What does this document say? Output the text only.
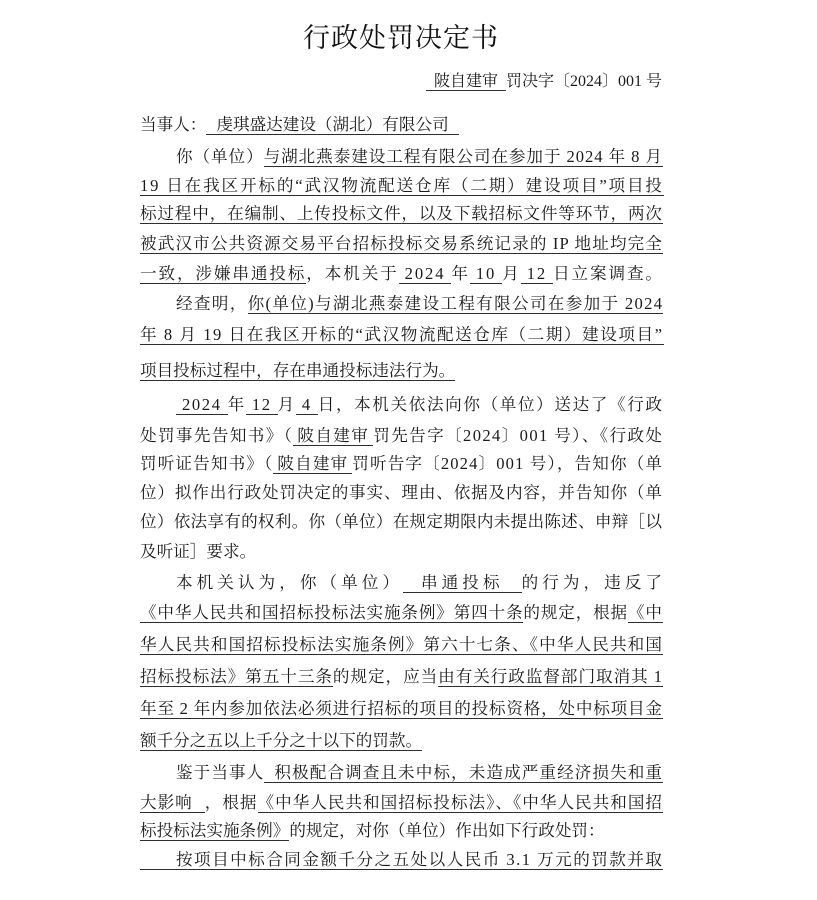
行政处罚决定书
陂自建审 罚决字〔2024〕001 号
当事人： 虔琪盛达建设（湖北）有限公司
你（单位）与湖北燕泰建设工程有限公司在参加于 2024 年 8 月
19 日在我区开标的“武汉物流配送仓库（二期）建设项目”项目投
标过程中，在编制、上传投标文件，以及下载招标文件等环节，两次
被武汉市公共资源交易平台招标投标交易系统记录的 IP 地址均完全
一致，涉嫌串通投标，本机关于 2024 年 10 月 12 日立案调查。
经查明，你(单位)与湖北燕泰建设工程有限公司在参加于 2024
年 8 月 19 日在我区开标的“武汉物流配送仓库（二期）建设项目”
项目投标过程中，存在串通投标违法行为。
2024 年 12 月 4 日，本机关依法向你（单位）送达了《行政
处罚事先告知书》（ 陂自建审 罚先告字〔2024〕001 号）、《行政处
罚听证告知书》（ 陂自建审 罚听告字〔2024〕001 号），告知你（单
位）拟作出行政处罚决定的事实、理由、依据及内容，并告知你（单
位）依法享有的权利。你（单位）在规定期限内未提出陈述、申辩［以
及听证］要求。
本机关认为，你（单位） 串通投标 的行为，违反了
《中华人民共和国招标投标法实施条例》第四十条的规定，根据《中
华人民共和国招标投标法实施条例》第六十七条、《中华人民共和国
招标投标法》第五十三条的规定，应当由有关行政监督部门取消其 1
年至 2 年内参加依法必须进行招标的项目的投标资格，处中标项目金
额千分之五以上千分之十以下的罚款。
鉴于当事人 积极配合调查且未中标，未造成严重经济损失和重
大影响 ，根据《中华人民共和国招标投标法》、《中华人民共和国招
标投标法实施条例》的规定，对你（单位）作出如下行政处罚：
按项目中标合同金额千分之五处以人民币 3.1 万元的罚款并取
